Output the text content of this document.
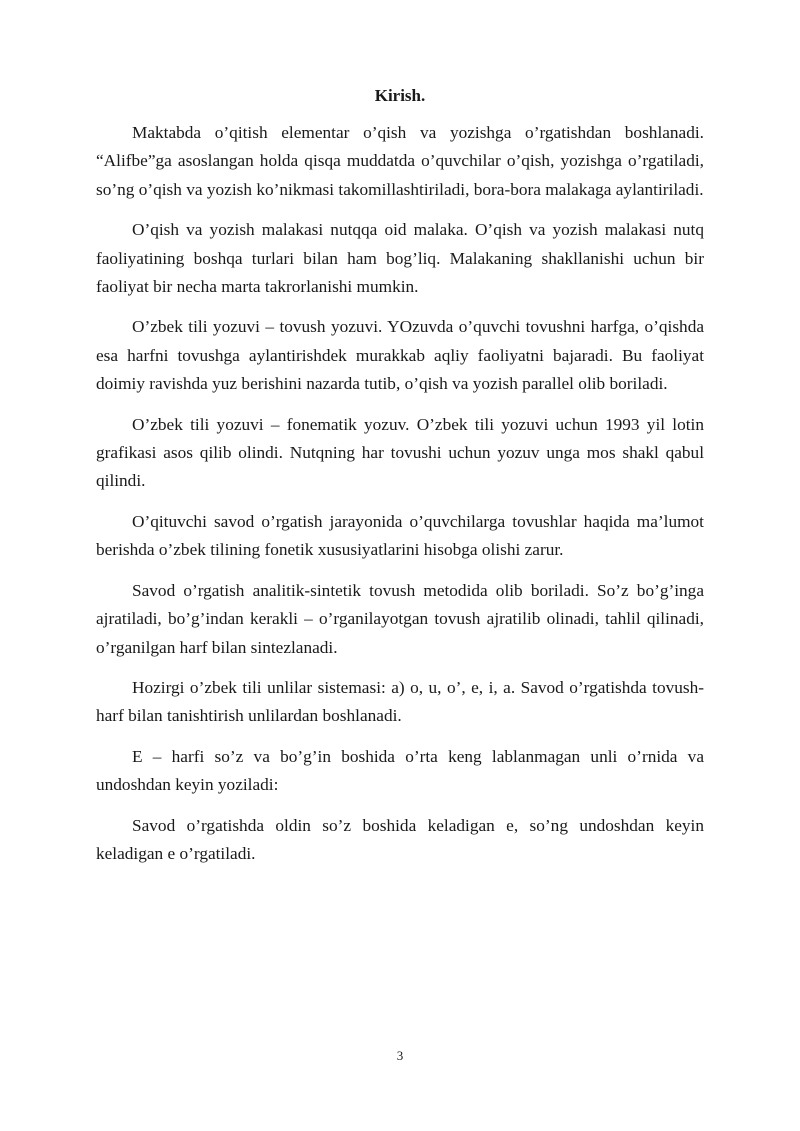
Kirish.

Maktabda o’qitish elementar o’qish va yozishga o’rgatishdan boshlanadi. “Alifbe”ga asoslangan holda qisqa muddatda o’quvchilar o’qish, yozishga o’rgatiladi, so’ng o’qish va yozish ko’nikmasi takomillashtiriladi, bora-bora malakaga aylantiriladi.

O’qish va yozish malakasi nutqqa oid malaka. O’qish va yozish malakasi nutq faoliyatining boshqa turlari bilan ham bog’liq. Malakaning shakllanishi uchun bir faoliyat bir necha marta takrorlanishi mumkin.

O’zbek tili yozuvi – tovush yozuvi. YOzuvda o’quvchi tovushni harfga, o’qishda esa harfni tovushga aylantirishdek murakkab aqliy faoliyatni bajaradi. Bu faoliyat doimiy ravishda yuz berishini nazarda tutib, o’qish va yozish parallel olib boriladi.

O’zbek tili yozuvi – fonematik yozuv. O’zbek tili yozuvi uchun 1993 yil lotin grafikasi asos qilib olindi. Nutqning har tovushi uchun yozuv unga mos shakl qabul qilindi.

O’qituvchi savod o’rgatish jarayonida o’quvchilarga tovushlar haqida ma’lumot berishda o’zbek tilining fonetik xususiyatlarini hisobga olishi zarur.

Savod o’rgatish analitik-sintetik tovush metodida olib boriladi. So’z bo’g’inga ajratiladi, bo’g’indan kerakli – o’rganilayotgan tovush ajratilib olinadi, tahlil qilinadi, o’rganilgan harf bilan sintezlanadi.

Hozirgi o’zbek tili unlilar sistemasi: a) o, u, o’, e, i, a. Savod o’rgatishda tovush-harf bilan tanishtirish unlilardan boshlanadi.

E – harfi so’z va bo’g’in boshida o’rta keng lablanmagan unli o’rnida va undoshdan keyin yoziladi:

Savod o’rgatishda oldin so’z boshida keladigan e, so’ng undoshdan keyin keladigan e o’rgatiladi.

3
